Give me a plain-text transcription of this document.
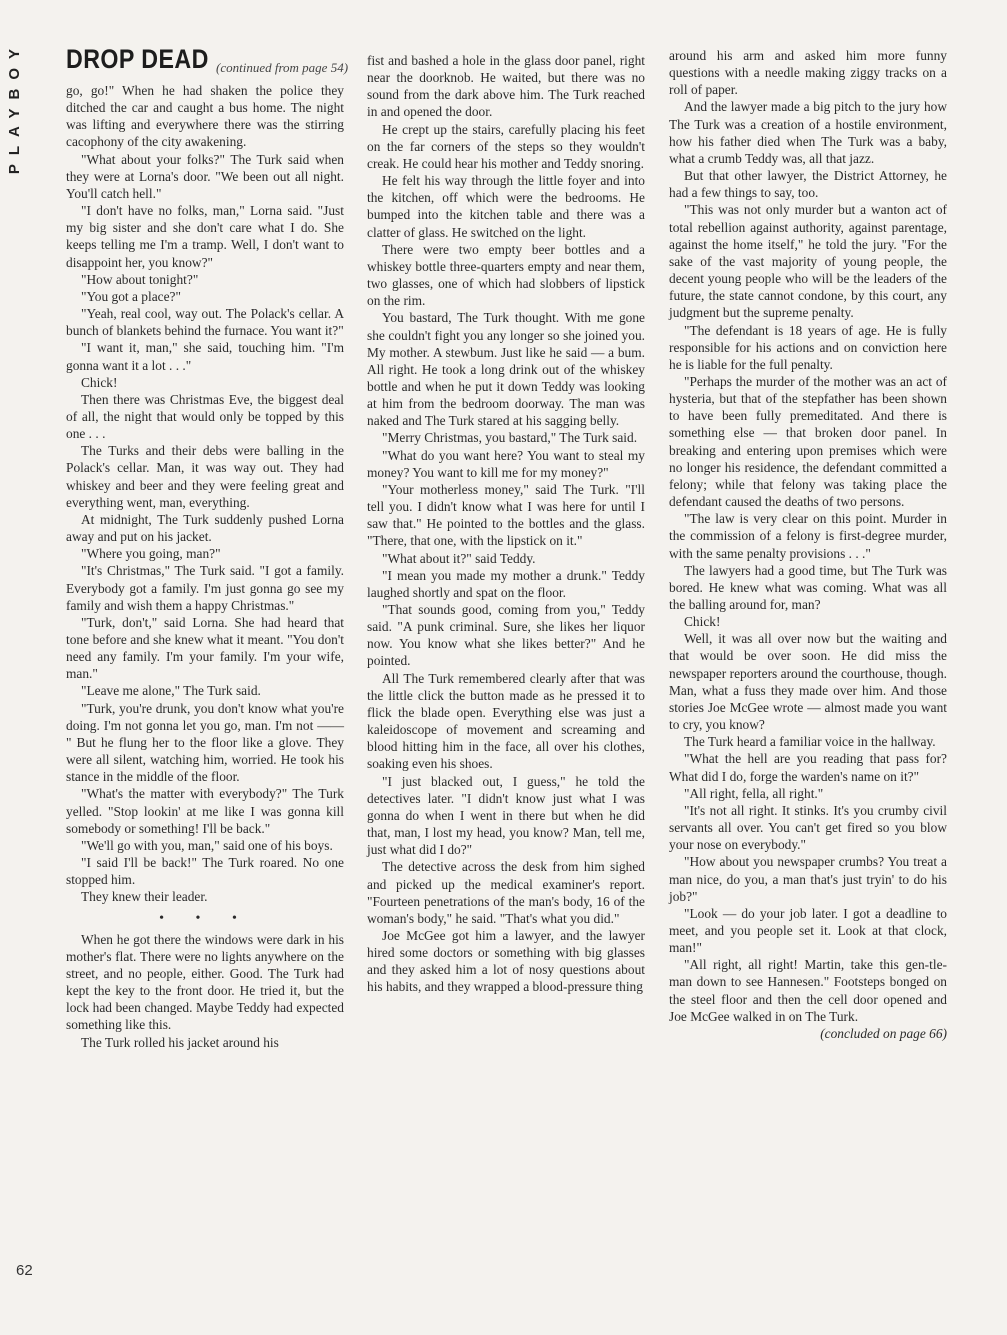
PLAYBOY DROP DEAD (continued from page 54)

go, go!" When he had shaken the police they ditched the car and caught a bus home. The night was lifting and everywhere there was the stirring cacophony of the city awakening.

"What about your folks?" The Turk said when they were at Lorna's door. "We been out all night. You'll catch hell."

"I don't have no folks, man," Lorna said. "Just my big sister and she don't care what I do. She keeps telling me I'm a tramp. Well, I don't want to disappoint her, you know?"

"How about tonight?"

"You got a place?"

"Yeah, real cool, way out. The Polack's cellar. A bunch of blankets behind the furnace. You want it?"

"I want it, man," she said, touching him. "I'm gonna want it a lot . . ."

Chick!

Then there was Christmas Eve, the biggest deal of all, the night that would only be topped by this one . . .

The Turks and their debs were balling in the Polack's cellar. Man, it was way out. They had whiskey and beer and they were feeling great and everything went, man, everything.

At midnight, The Turk suddenly pushed Lorna away and put on his jacket.

"Where you going, man?"

"It's Christmas," The Turk said. "I got a family. Everybody got a family. I'm just gonna go see my family and wish them a happy Christmas."

"Turk, don't," said Lorna. She had heard that tone before and she knew what it meant. "You don't need any family. I'm your family. I'm your wife, man."

"Leave me alone," The Turk said.

"Turk, you're drunk, you don't know what you're doing. I'm not gonna let you go, man. I'm not —— " But he flung her to the floor like a glove. They were all silent, watching him, worried. He took his stance in the middle of the floor.

"What's the matter with everybody?" The Turk yelled. "Stop lookin' at me like I was gonna kill somebody or something! I'll be back."

"We'll go with you, man," said one of his boys.

"I said I'll be back!" The Turk roared. No one stopped him.

They knew their leader.

• • •

When he got there the windows were dark in his mother's flat. There were no lights anywhere on the street, and no people, either. Good. The Turk had kept the key to the front door. He tried it, but the lock had been changed. Maybe Teddy had expected something like this.

The Turk rolled his jacket around his

fist and bashed a hole in the glass door panel, right near the doorknob. He waited, but there was no sound from the dark above him. The Turk reached in and opened the door.

He crept up the stairs, carefully placing his feet on the far corners of the steps so they wouldn't creak. He could hear his mother and Teddy snoring.

He felt his way through the little foyer and into the kitchen, off which were the bedrooms. He bumped into the kitchen table and there was a clatter of glass. He switched on the light.

There were two empty beer bottles and a whiskey bottle three-quarters empty and near them, two glasses, one of which had slobbers of lipstick on the rim.

You bastard, The Turk thought. With me gone she couldn't fight you any longer so she joined you. My mother. A stewbum. Just like he said — a bum. All right. He took a long drink out of the whiskey bottle and when he put it down Teddy was looking at him from the bedroom doorway. The man was naked and The Turk stared at his sagging belly.

"Merry Christmas, you bastard," The Turk said.

"What do you want here? You want to steal my money? You want to kill me for my money?"

"Your motherless money," said The Turk. "I'll tell you. I didn't know what I was here for until I saw that." He pointed to the bottles and the glass. "There, that one, with the lipstick on it."

"What about it?" said Teddy.

"I mean you made my mother a drunk." Teddy laughed shortly and spat on the floor.

"That sounds good, coming from you," Teddy said. "A punk criminal. Sure, she likes her liquor now. You know what she likes better?" And he pointed.

All The Turk remembered clearly after that was the little click the button made as he pressed it to flick the blade open. Everything else was just a kaleidoscope of movement and screaming and blood hitting him in the face, all over his clothes, soaking even his shoes.

"I just blacked out, I guess," he told the detectives later. "I didn't know just what I was gonna do when I went in there but when he did that, man, I lost my head, you know? Man, tell me, just what did I do?"

The detective across the desk from him sighed and picked up the medical examiner's report. "Fourteen penetrations of the man's body, 16 of the woman's body," he said. "That's what you did."

Joe McGee got him a lawyer, and the lawyer hired some doctors or something with big glasses and they asked him a lot of nosy questions about his habits, and they wrapped a blood-pressure thing

around his arm and asked him more funny questions with a needle making ziggy tracks on a roll of paper.

And the lawyer made a big pitch to the jury how The Turk was a creation of a hostile environment, how his father died when The Turk was a baby, what a crumb Teddy was, all that jazz.

But that other lawyer, the District Attorney, he had a few things to say, too.

"This was not only murder but a wanton act of total rebellion against authority, against parentage, against the home itself," he told the jury. "For the sake of the vast majority of young people, the decent young people who will be the leaders of the future, the state cannot condone, by this court, any judgment but the supreme penalty.

"The defendant is 18 years of age. He is fully responsible for his actions and on conviction here he is liable for the full penalty.

"Perhaps the murder of the mother was an act of hysteria, but that of the stepfather has been shown to have been fully premeditated. And there is something else — that broken door panel. In breaking and entering upon premises which were no longer his residence, the defendant committed a felony; while that felony was taking place the defendant caused the deaths of two persons.

"The law is very clear on this point. Murder in the commission of a felony is first-degree murder, with the same penalty provisions . . ."

The lawyers had a good time, but The Turk was bored. He knew what was coming. What was all the balling around for, man?

Chick!

Well, it was all over now but the waiting and that would be over soon. He did miss the newspaper reporters around the courthouse, though. Man, what a fuss they made over him. And those stories Joe McGee wrote — almost made you want to cry, you know?

The Turk heard a familiar voice in the hallway.

"What the hell are you reading that pass for? What did I do, forge the warden's name on it?"

"All right, fella, all right."

"It's not all right. It stinks. It's you crumby civil servants all over. You can't get fired so you blow your nose on everybody."

"How about you newspaper crumbs? You treat a man nice, do you, a man that's just tryin' to do his job?"

"Look — do your job later. I got a deadline to meet, and you people set it. Look at that clock, man!"

"All right, all right! Martin, take this gen-tle-man down to see Hannesen." Footsteps bonged on the steel floor and then the cell door opened and Joe McGee walked in on The Turk.

(concluded on page 66)

62
